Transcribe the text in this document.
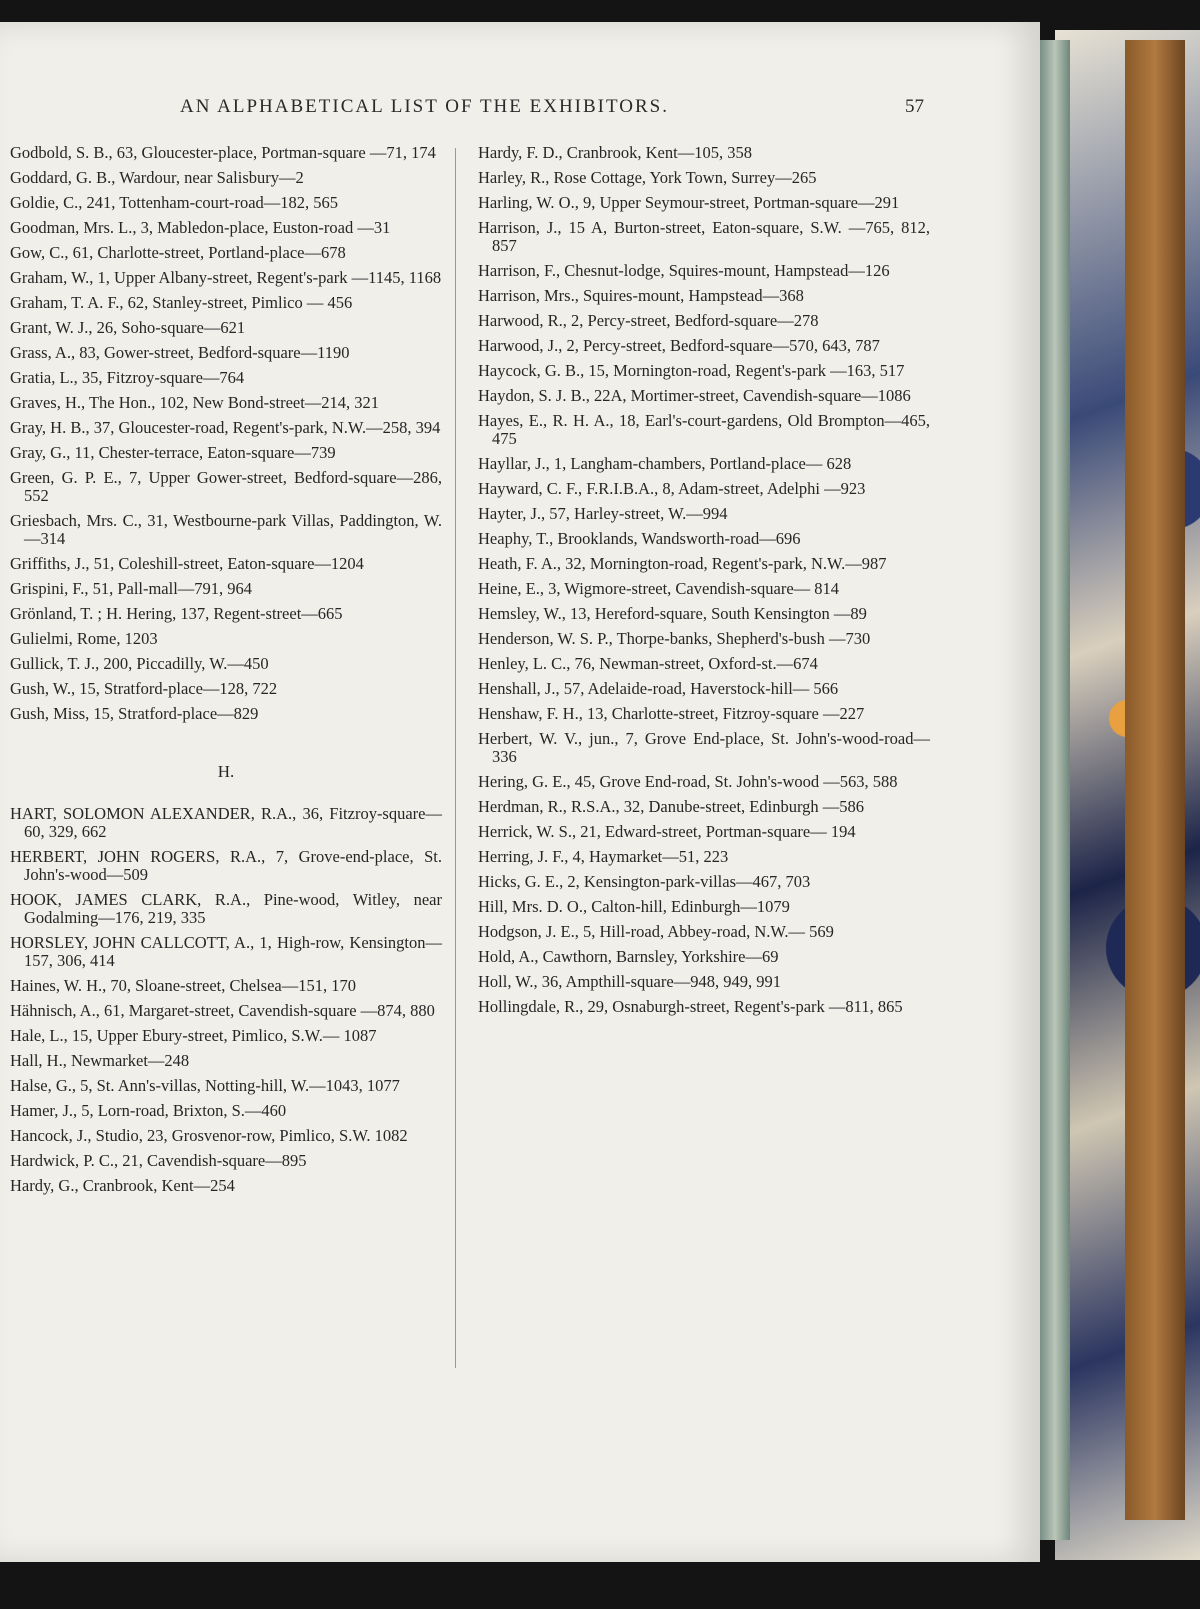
AN ALPHABETICAL LIST OF THE EXHIBITORS.	57
Godbold, S. B., 63, Gloucester-place, Portman-square —71, 174
Goddard, G. B., Wardour, near Salisbury—2
Goldie, C., 241, Tottenham-court-road—182, 565
Goodman, Mrs. L., 3, Mabledon-place, Euston-road —31
Gow, C., 61, Charlotte-street, Portland-place—678
Graham, W., 1, Upper Albany-street, Regent's-park —1145, 1168
Graham, T. A. F., 62, Stanley-street, Pimlico — 456
Grant, W. J., 26, Soho-square—621
Grass, A., 83, Gower-street, Bedford-square—1190
Gratia, L., 35, Fitzroy-square—764
Graves, H., The Hon., 102, New Bond-street—214, 321
Gray, H. B., 37, Gloucester-road, Regent's-park, N.W.—258, 394
Gray, G., 11, Chester-terrace, Eaton-square—739
Green, G. P. E., 7, Upper Gower-street, Bedford-square—286, 552
Griesbach, Mrs. C., 31, Westbourne-park Villas, Paddington, W.—314
Griffiths, J., 51, Coleshill-street, Eaton-square—1204
Grispini, F., 51, Pall-mall—791, 964
Grönland, T. ; H. Hering, 137, Regent-street—665
Gulielmi, Rome, 1203
Gullick, T. J., 200, Piccadilly, W.—450
Gush, W., 15, Stratford-place—128, 722
Gush, Miss, 15, Stratford-place—829
H.
HART, SOLOMON ALEXANDER, R.A., 36, Fitzroy-square—60, 329, 662
HERBERT, JOHN ROGERS, R.A., 7, Grove-end-place, St. John's-wood—509
HOOK, JAMES CLARK, R.A., Pine-wood, Witley, near Godalming—176, 219, 335
HORSLEY, JOHN CALLCOTT, A., 1, High-row, Kensington—157, 306, 414
Haines, W. H., 70, Sloane-street, Chelsea—151, 170
Hähnisch, A., 61, Margaret-street, Cavendish-square —874, 880
Hale, L., 15, Upper Ebury-street, Pimlico, S.W.— 1087
Hall, H., Newmarket—248
Halse, G., 5, St. Ann's-villas, Notting-hill, W.—1043, 1077
Hamer, J., 5, Lorn-road, Brixton, S.—460
Hancock, J., Studio, 23, Grosvenor-row, Pimlico, S.W. 1082
Hardwick, P. C., 21, Cavendish-square—895
Hardy, G., Cranbrook, Kent—254
Hardy, F. D., Cranbrook, Kent—105, 358
Harley, R., Rose Cottage, York Town, Surrey—265
Harling, W. O., 9, Upper Seymour-street, Portman-square—291
Harrison, J., 15 A, Burton-street, Eaton-square, S.W. —765, 812, 857
Harrison, F., Chesnut-lodge, Squires-mount, Hampstead—126
Harrison, Mrs., Squires-mount, Hampstead—368
Harwood, R., 2, Percy-street, Bedford-square—278
Harwood, J., 2, Percy-street, Bedford-square—570, 643, 787
Haycock, G. B., 15, Mornington-road, Regent's-park —163, 517
Haydon, S. J. B., 22A, Mortimer-street, Cavendish-square—1086
Hayes, E., R. H. A., 18, Earl's-court-gardens, Old Brompton—465, 475
Hayllar, J., 1, Langham-chambers, Portland-place— 628
Hayward, C. F., F.R.I.B.A., 8, Adam-street, Adelphi —923
Hayter, J., 57, Harley-street, W.—994
Heaphy, T., Brooklands, Wandsworth-road—696
Heath, F. A., 32, Mornington-road, Regent's-park, N.W.—987
Heine, E., 3, Wigmore-street, Cavendish-square— 814
Hemsley, W., 13, Hereford-square, South Kensington —89
Henderson, W. S. P., Thorpe-banks, Shepherd's-bush —730
Henley, L. C., 76, Newman-street, Oxford-st.—674
Henshall, J., 57, Adelaide-road, Haverstock-hill— 566
Henshaw, F. H., 13, Charlotte-street, Fitzroy-square —227
Herbert, W. V., jun., 7, Grove End-place, St. John's-wood-road—336
Hering, G. E., 45, Grove End-road, St. John's-wood —563, 588
Herdman, R., R.S.A., 32, Danube-street, Edinburgh —586
Herrick, W. S., 21, Edward-street, Portman-square— 194
Herring, J. F., 4, Haymarket—51, 223
Hicks, G. E., 2, Kensington-park-villas—467, 703
Hill, Mrs. D. O., Calton-hill, Edinburgh—1079
Hodgson, J. E., 5, Hill-road, Abbey-road, N.W.— 569
Hold, A., Cawthorn, Barnsley, Yorkshire—69
Holl, W., 36, Ampthill-square—948, 949, 991
Hollingdale, R., 29, Osnaburgh-street, Regent's-park —811, 865
